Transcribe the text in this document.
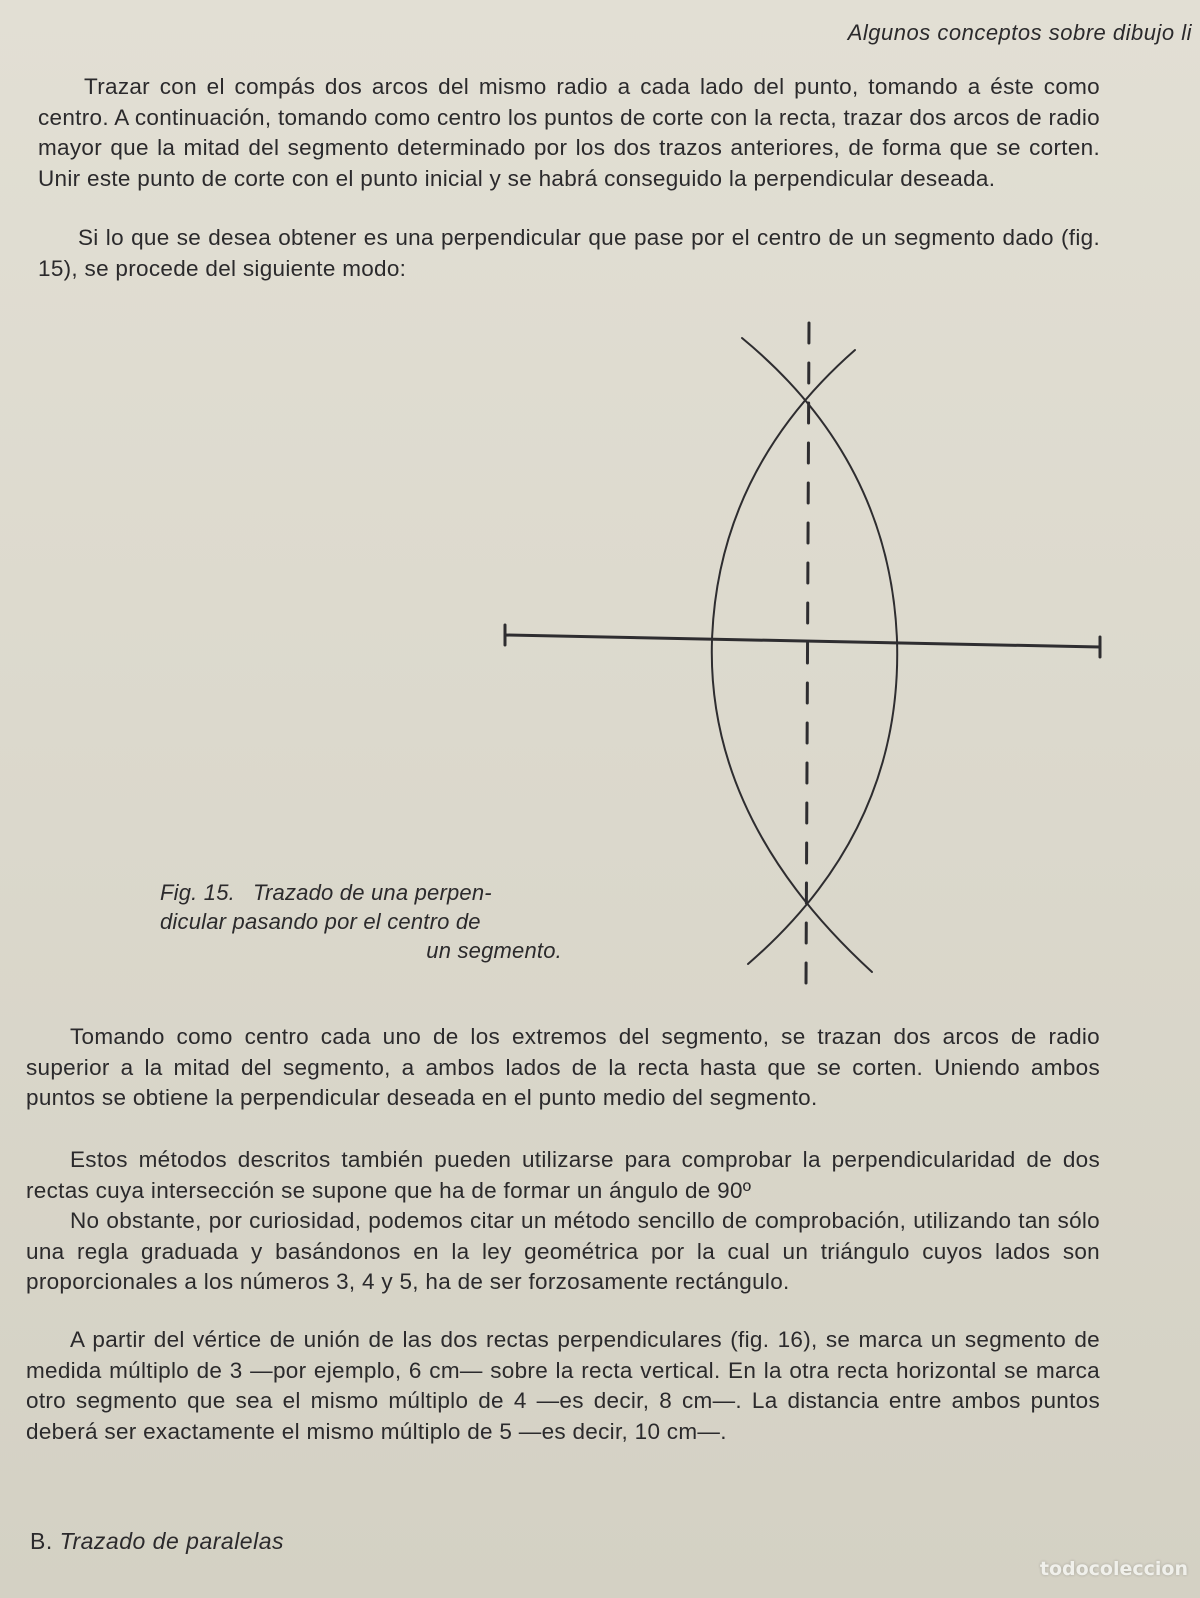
Algunos conceptos sobre dibujo li

Trazar con el compás dos arcos del mismo radio a cada lado del punto, tomando a éste como centro. A continuación, tomando como centro los puntos de corte con la recta, trazar dos arcos de radio mayor que la mitad del segmento determinado por los dos trazos anteriores, de forma que se corten. Unir este punto de corte con el punto inicial y se habrá conseguido la perpendicular deseada.

Si lo que se desea obtener es una perpendicular que pase por el centro de un segmento dado (fig. 15), se procede del siguiente modo:

Fig. 15. Trazado de una perpen-
dicular pasando por el centro de
un segmento.

Tomando como centro cada uno de los extremos del segmento, se trazan dos arcos de radio superior a la mitad del segmento, a ambos lados de la recta hasta que se corten. Uniendo ambos puntos se obtiene la perpendicular deseada en el punto medio del segmento.

Estos métodos descritos también pueden utilizarse para comprobar la perpendicularidad de dos rectas cuya intersección se supone que ha de formar un ángulo de 90º

No obstante, por curiosidad, podemos citar un método sencillo de comprobación, utilizando tan sólo una regla graduada y basándonos en la ley geométrica por la cual un triángulo cuyos lados son proporcionales a los números 3, 4 y 5, ha de ser forzosamente rectángulo.

A partir del vértice de unión de las dos rectas perpendiculares (fig. 16), se marca un segmento de medida múltiplo de 3 —por ejemplo, 6 cm— sobre la recta vertical. En la otra recta horizontal se marca otro segmento que sea el mismo múltiplo de 4 —es decir, 8 cm—. La distancia entre ambos puntos deberá ser exactamente el mismo múltiplo de 5 —es decir, 10 cm—.

B. Trazado de paralelas
todocoleccion
